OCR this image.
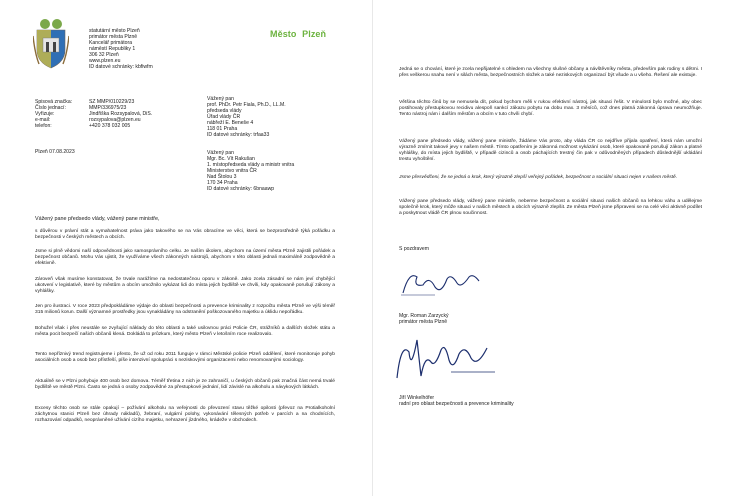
statutární město Plzeň
primátor města Plzně
Kancelář primátora
náměstí Republiky 1
306 32 Plzeň
www.plzen.eu
ID datové schránky: kbfiwfm
Město Plzeň
Spisová značka:
Číslo jednací:
Vyřizuje:
e-mail:
telefon:
SZ MMP/010229/23
MMP/336975/23
Jindřiška Rozsypalová, DiS.
rozsypalova@plzen.eu
+420 378 032 005
Plzeň 07.08.2023
Vážený pan
prof. PhDr. Petr Fiala, Ph.D., LL.M.
předseda vlády
Úřad vlády ČR
nábřeží E. Beneše 4
118 01 Praha
ID datové schránky: trfaa33
Vážený pan
Mgr. Bc. Vít Rakušan
1. místopředseda vlády a ministr vnitra
Ministerstvo vnitra ČR
Nad Štolou 3
170 34 Praha
ID datové schránky: 6bnaawp
Vážený pane předsedo vlády, vážený pane ministře,
s důvěrou v právní stát a vymahatelnost práva jako takového se na Vás obracíme ve věci, která se bezprostředně týká pořádku a bezpečnosti v českých městech a obcích.
Jsme si plně vědomi naší odpovědnosti jako samosprávního celku. Je naším úkolem, abychom na území města Plzně zajistili pořádek a bezpečnost občanů. Mohu Vás ujistit, že využíváme všech zákonných nástrojů, abychom v této oblasti jednali maximálně zodpovědně a efektivně.
Zároveň však musíme konstatovat, že trvale narážíme na nedostatečnou oporu v zákoně. Jako zcela zásadní se nám jeví chybějící ukotvení v legislativě, které by městům a obcím umožnilo vykázat lidi do místa jejich bydliště ve chvíli, kdy opakovaně porušují zákony a vyhlášky.
Jen pro ilustraci. V roce 2023 předpokládáme výdaje do oblasti bezpečnosti a prevence kriminality z rozpočtu města Plzně ve výši téměř 315 milionů korun. Další významné prostředky jsou vynakládány na odstranění poškozovaného majetku a úklidu nepořádku.
Bohužel však i přes neustále se zvyšující náklady do této oblasti a také usilovnou práci Policie ČR, strážníků a dalších složek státu a města pocit bezpečí našich občanů klesá. Dokládá to průzkum, který město Plzeň v letošním roce realizovalo.
Tento nepříznivý trend registrujeme i přesto, že už od roku 2011 funguje v rámci Městské policie Plzeň oddělení, které monitoruje pohyb asociálních osob a osob bez přístřeší, píše intenzivní spolupráci s neziskovými organizacemi nebo renomovanými sociology.
Aktuálně se v Plzni pohybuje 400 osob bez domova. Téměř třetina z nich je ze zahraničí, u českých občanů pak značná část nemá trvalé bydliště ve městě Plzni. Často se jedná o osoby zodpovědné za přestupkové jednání, lidí závislé na alkoholu a návykových látkách.
Excesy těchto osob se stále opakují – požívání alkoholu na veřejnosti do převození stavu těžké opilosti (převoz na Protialkoholní záchytnou stanici Plzeň bez úhrady nákladů), žebraní, vulgární polohy, vykonávání tělesných potřeb v parcích a na chodnících, rozhazování odpadků, neoprávněné užívání cizího majetku, nehrazení jízdného, krádeže v obchodech.
Jedná se o chování, které je zcela nepřijatelné s ohledem na všechny slušné občany a návštěvníky města, především pak rodiny s dětmi. I přes veškerou snahu není v silách města, bezpečnostních složek a také neziskových organizací být všude a u všeho. Řešení ale existuje.
Většina těchto činů by se nemusela dít, pokud bychom měli v rukou efektivní nástroj, jak situaci řešit. V minulosti bylo možné, aby obec postihovaly přestupkovou recidivu alespoň sankcí zákazu pobytu na dobu max. 3 měsíců, což dnes platná zákonná úprava neumožňuje. Tento nástroj nám i dalším městům a obcím v tuto chvíli chybí.
Vážený pane předsedo vlády, vážený pane ministře, žádáme Vás proto, aby vláda ČR co nejdříve přijala opatření, která nám umožní výrazně zmírnit takové jevy v našem městě. Tímto opatřením je zákonná možnost vykázání osob, které opakovaně porušují zákon a platné vyhlášky, do místa jejich bydliště, v případě cizinců a osob páchajících trestný čin pak v odůvodněných případech důslednější ukládání trestu vyhoštění.
Jsme přesvědčeni, že se jedná o krok, který výrazně zlepší veřejný pořádek, bezpečnost a sociální situaci nejen v našem městě.
Vážený pane předsedo vlády, vážený pane ministře, neberme bezpečnost a sociální situaci našich občanů na lehkou váhu a udělejme společně krok, který může situaci v našich městech a obcích výrazně zlepšit. Ze města Plzeň jsme připraveni se na celé věci aktivně podílet a poskytnout vládě ČR plnou součinnost.
S pozdravem
Mgr. Roman Zarzycký
primátor města Plzně
Jiří Winkelhöfer
radní pro oblast bezpečnosti a prevence kriminality
